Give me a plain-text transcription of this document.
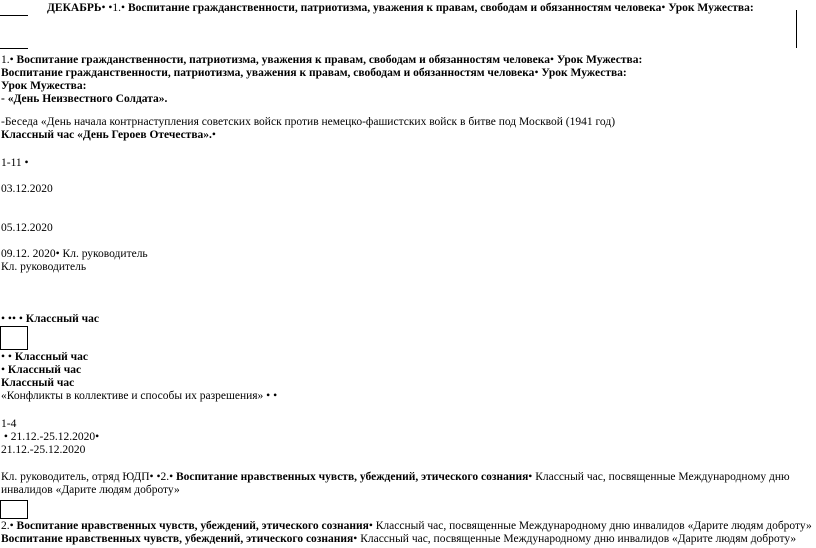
ДЕКАБРЬ • • 1. • Воспитание гражданственности, патриотизма, уважения к правам, свободам и обязанностям человека • Урок Мужества:
1. • Воспитание гражданственности, патриотизма, уважения к правам, свободам и обязанностям человека • Урок Мужества:
Воспитание гражданственности, патриотизма, уважения к правам, свободам и обязанностям человека • Урок Мужества:
Урок Мужества:
- «День Неизвестного Солдата».
-Беседа «День начала контрнаступления советских войск против немецко-фашистских войск в битве под Москвой (1941 год)
Классный час «День Героев Отечества». •
1-11 •
03.12.2020
05.12.2020
09.12. 2020 • Кл. руководитель
Кл. руководитель
• • • • Классный час
• • Классный час
• Классный час
Классный час
«Конфликты в коллективе и способы их разрешения» • •
1-4
• 21.12.-25.12.2020 •
21.12.-25.12.2020
Кл. руководитель, отряд ЮДП • • 2. • Воспитание нравственных чувств, убеждений, этического сознания • Классный час, посвященные Международному дню
инвалидов «Дарите людям доброту»
2. • Воспитание нравственных чувств, убеждений, этического сознания • Классный час, посвященные Международному дню инвалидов «Дарите людям доброту»
Воспитание нравственных чувств, убеждений, этического сознания • Классный час, посвященные Международному дню инвалидов «Дарите людям доброту»
